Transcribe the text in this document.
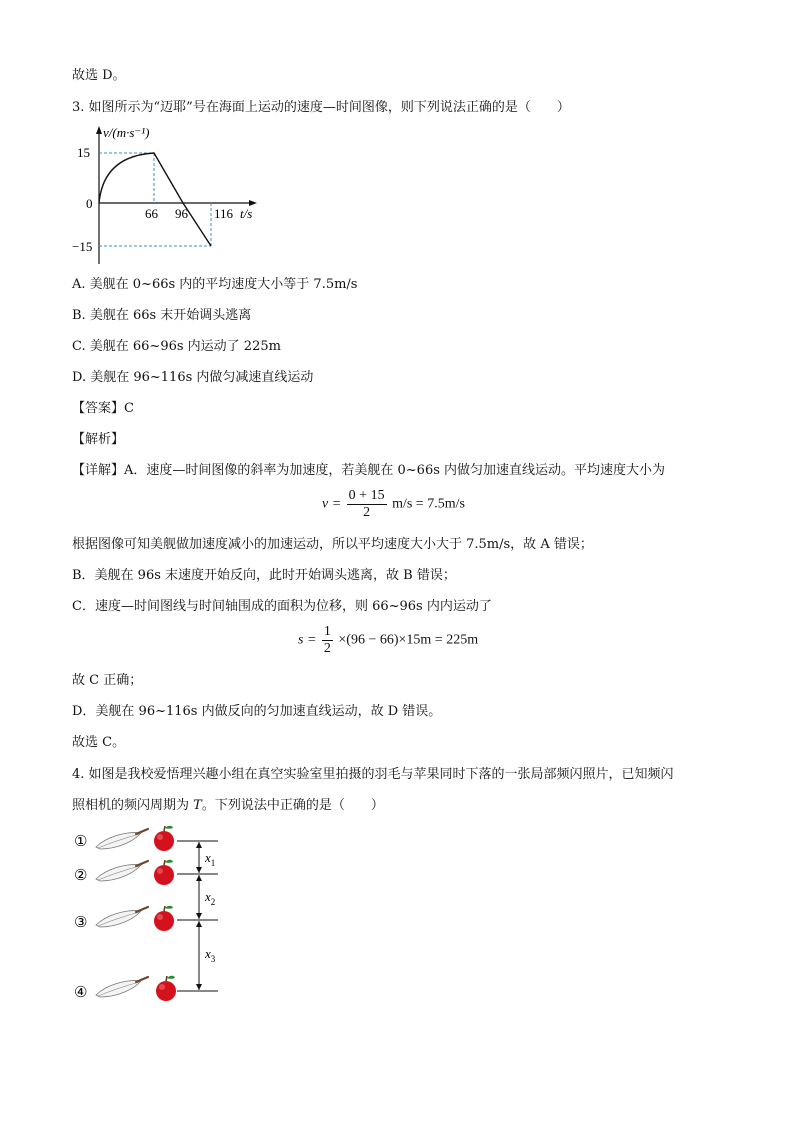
故选 D。
3. 如图所示为“迈耶”号在海面上运动的速度—时间图像，则下列说法正确的是（　　）
v/(m·s⁻¹)
15
0
−15
66 96 116 t/s
A. 美舰在 0~66s 内的平均速度大小等于 7.5m/s
B. 美舰在 66s 末开始调头逃离
C. 美舰在 66~96s 内运动了 225m
D. 美舰在 96~116s 内做匀减速直线运动
【答案】C
【解析】
【详解】A．速度—时间图像的斜率为加速度，若美舰在 0~66s 内做匀加速直线运动。平均速度大小为
$v = \frac{0 + 15}{2} m/s = 7.5m/s$
根据图像可知美舰做加速度减小的加速运动，所以平均速度大小大于 7.5m/s，故 A 错误；
B．美舰在 96s 末速度开始反向，此时开始调头逃离，故 B 错误；
C．速度—时间图线与时间轴围成的面积为位移，则 66~96s 内内运动了
$s = \frac{1}{2} \times(96 - 66)\times 15m = 225m$
故 C 正确；
D．美舰在 96~116s 内做反向的匀加速直线运动，故 D 错误。
故选 C。
4. 如图是我校爱悟理兴趣小组在真空实验室里拍摄的羽毛与苹果同时下落的一张局部频闪照片，已知频闪
照相机的频闪周期为 T。下列说法中正确的是（　　）
①
②
③
④
$x_1$
$x_2$
$x_3$
